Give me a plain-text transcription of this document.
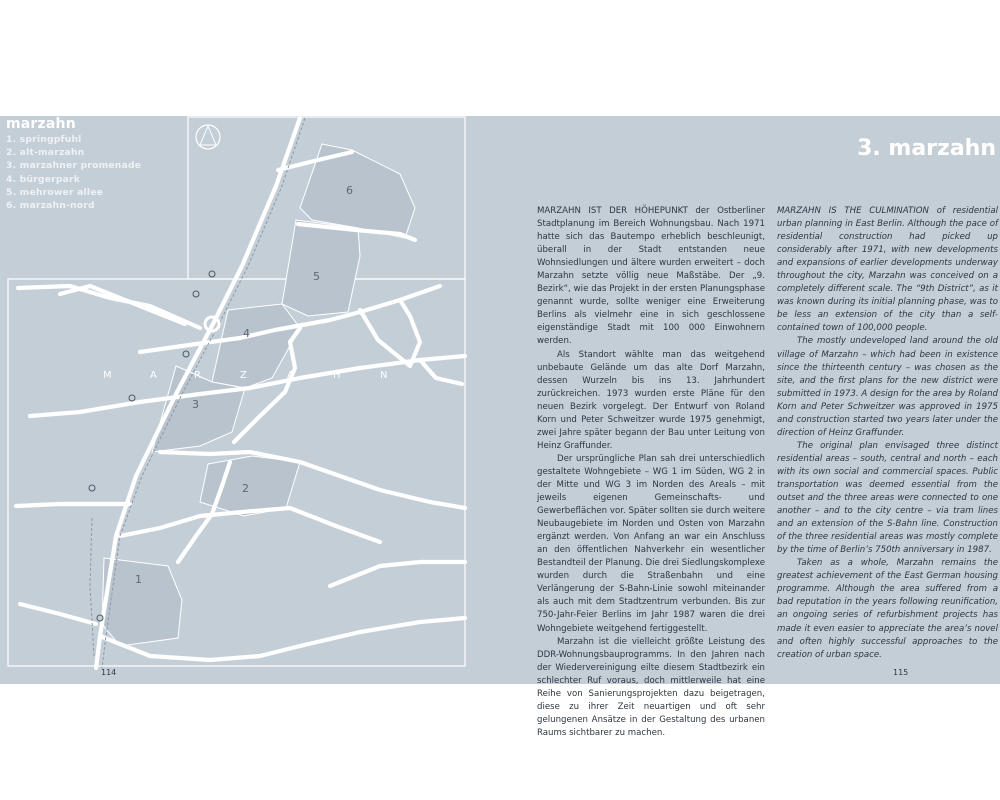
6
5
4
3
2
1
M	A	R	Z	A	H	N
marzahn
1. springpfuhl
2. alt-marzahn
3. marzahner promenade
4. bürgerpark
5. mehrower allee
6. marzahn-nord
114
3. marzahn

MARZAHN IST DER HÖHEPUNKT der Ostberliner Stadtplanung im Bereich Wohnungsbau. Nach 1971 hatte sich das Bautempo erheblich beschleunigt, überall in der Stadt entstanden neue Wohnsiedlungen und ältere wurden erweitert – doch Marzahn setzte völlig neue Maßstäbe. Der „9. Bezirk“, wie das Projekt in der ersten Planungsphase genannt wurde, sollte weniger eine Erweiterung Berlins als vielmehr eine in sich geschlossene eigenständige Stadt mit 100 000 Einwohnern werden.

Als Standort wählte man das weitgehend unbebaute Gelände um das alte Dorf Marzahn, dessen Wurzeln bis ins 13. Jahrhundert zurückreichen. 1973 wurden erste Pläne für den neuen Bezirk vorgelegt. Der Entwurf von Roland Korn und Peter Schweitzer wurde 1975 genehmigt, zwei Jahre später begann der Bau unter Leitung von Heinz Graffunder.

Der ursprüngliche Plan sah drei unterschiedlich gestaltete Wohngebiete – WG 1 im Süden, WG 2 in der Mitte und WG 3 im Norden des Areals – mit jeweils eigenen Gemeinschafts- und Gewerbeflächen vor. Später sollten sie durch weitere Neubaugebiete im Norden und Osten von Marzahn ergänzt werden. Von Anfang an war ein Anschluss an den öffentlichen Nahverkehr ein wesentlicher Bestandteil der Planung. Die drei Siedlungskomplexe wurden durch die Straßenbahn und eine Verlängerung der S-Bahn-Linie sowohl miteinander als auch mit dem Stadtzentrum verbunden. Bis zur 750-Jahr-Feier Berlins im Jahr 1987 waren die drei Wohngebiete weitgehend fertiggestellt.

Marzahn ist die vielleicht größte Leistung des DDR-Wohnungsbauprogramms. In den Jahren nach der Wiedervereinigung eilte diesem Stadtbezirk ein schlechter Ruf voraus, doch mittlerweile hat eine Reihe von Sanierungsprojekten dazu beigetragen, diese zu ihrer Zeit neuartigen und oft sehr gelungenen Ansätze in der Gestaltung des urbanen Raums sichtbarer zu machen.

MARZAHN IS THE CULMINATION of residential urban planning in East Berlin. Although the pace of residential construction had picked up considerably after 1971, with new developments and expansions of earlier developments underway throughout the city, Marzahn was conceived on a completely different scale. The “9th District”, as it was known during its initial planning phase, was to be less an extension of the city than a self-contained town of 100,000 people.

The mostly undeveloped land around the old village of Marzahn – which had been in existence since the thirteenth century – was chosen as the site, and the first plans for the new district were submitted in 1973. A design for the area by Roland Korn and Peter Schweitzer was approved in 1975 and construction started two years later under the direction of Heinz Graffunder.

The original plan envisaged three distinct residential areas – south, central and north – each with its own social and commercial spaces. Public transportation was deemed essential from the outset and the three areas were connected to one another – and to the city centre – via tram lines and an extension of the S-Bahn line. Construction of the three residential areas was mostly complete by the time of Berlin’s 750th anniversary in 1987.

Taken as a whole, Marzahn remains the greatest achievement of the East German housing programme. Although the area suffered from a bad reputation in the years following reunification, an ongoing series of refurbishment projects has made it even easier to appreciate the area’s novel and often highly successful approaches to the creation of urban space.

115
